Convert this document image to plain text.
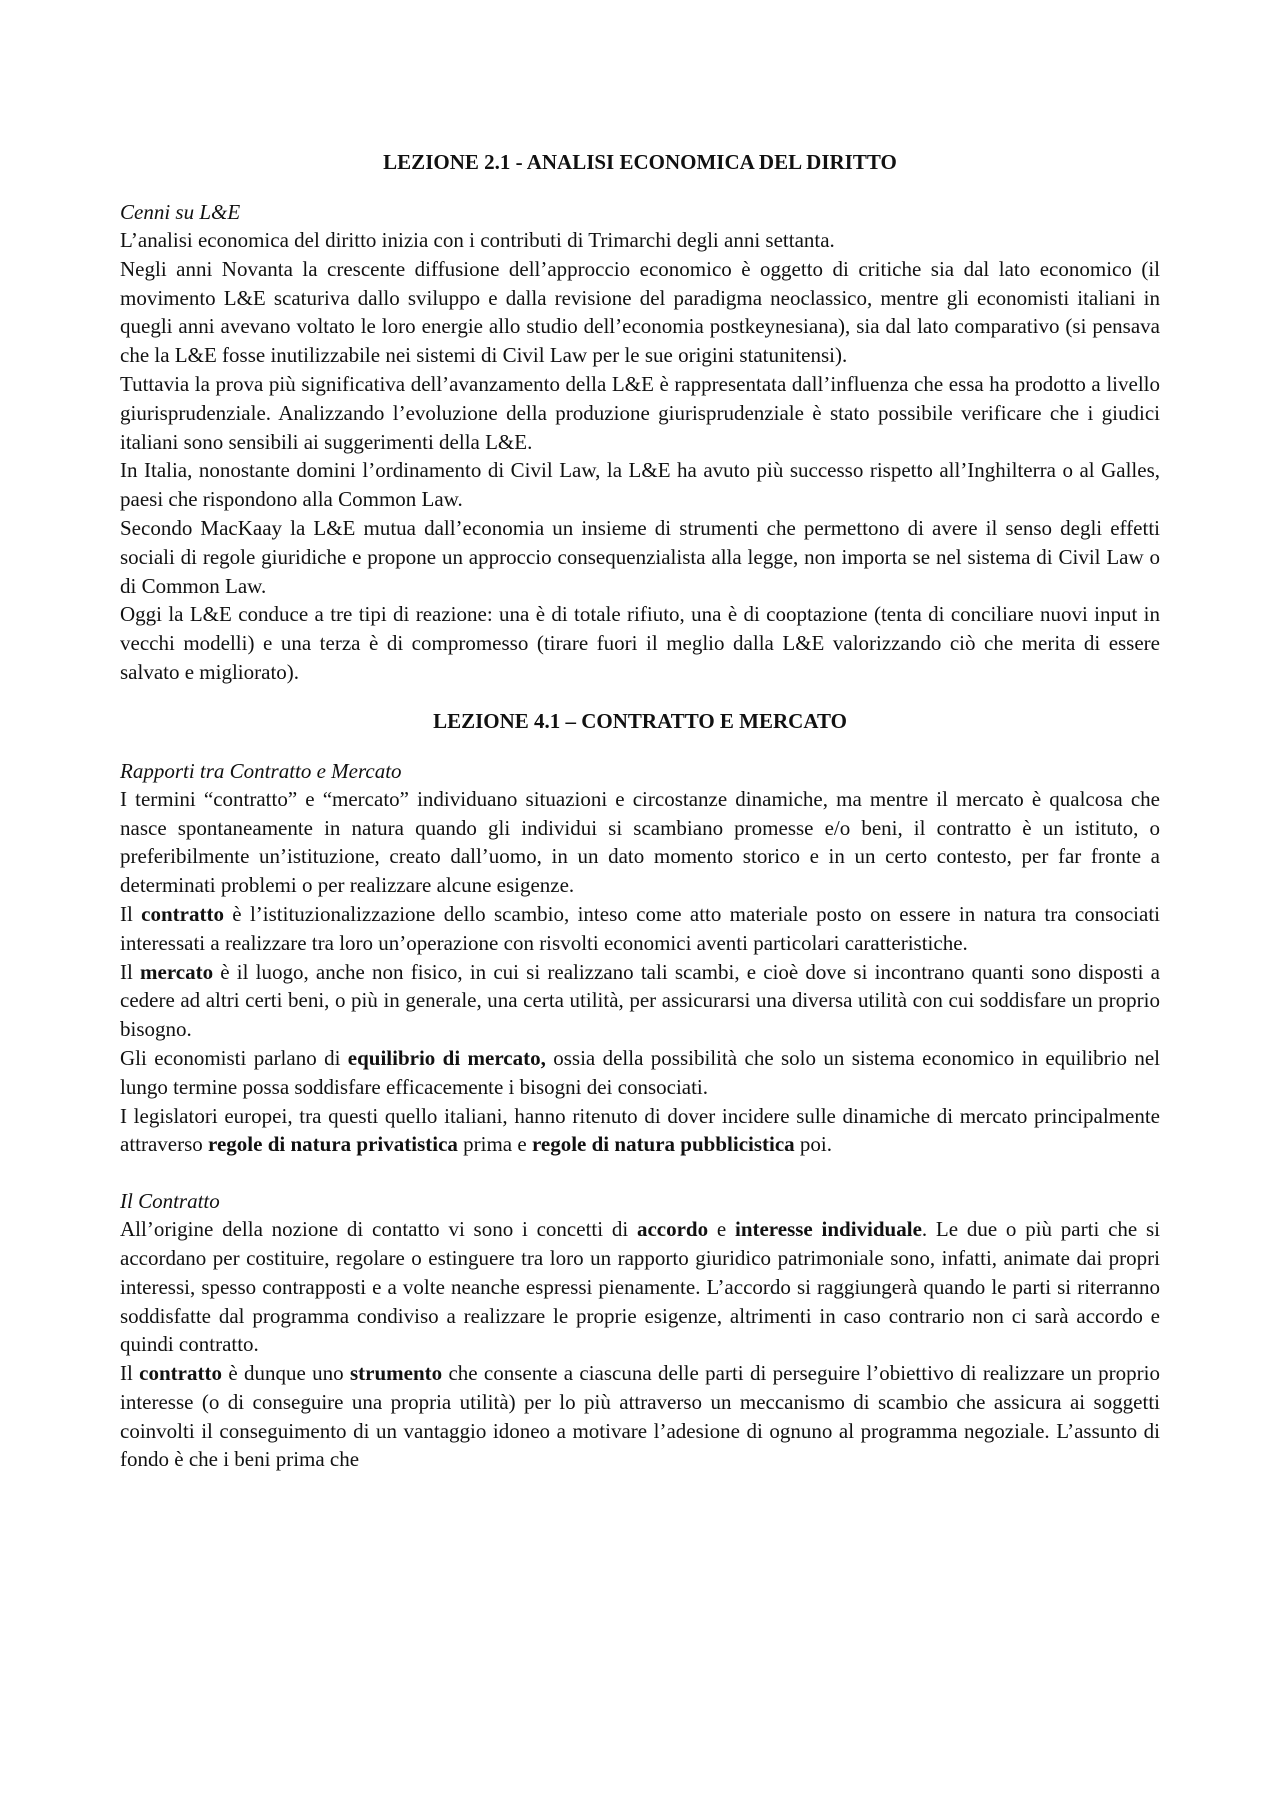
LEZIONE 2.1 - ANALISI ECONOMICA DEL DIRITTO

Cenni su L&E

L’analisi economica del diritto inizia con i contributi di Trimarchi degli anni settanta.

Negli anni Novanta la crescente diffusione dell’approccio economico è oggetto di critiche sia dal lato economico (il movimento L&E scaturiva dallo sviluppo e dalla revisione del paradigma neoclassico, mentre gli economisti italiani in quegli anni avevano voltato le loro energie allo studio dell’economia postkeynesiana), sia dal lato comparativo (si pensava che la L&E fosse inutilizzabile nei sistemi di Civil Law per le sue origini statunitensi).

Tuttavia la prova più significativa dell’avanzamento della L&E è rappresentata dall’influenza che essa ha prodotto a livello giurisprudenziale. Analizzando l’evoluzione della produzione giurisprudenziale è stato possibile verificare che i giudici italiani sono sensibili ai suggerimenti della L&E.

In Italia, nonostante domini l’ordinamento di Civil Law, la L&E ha avuto più successo rispetto all’Inghilterra o al Galles, paesi che rispondono alla Common Law.

Secondo MacKaay la L&E mutua dall’economia un insieme di strumenti che permettono di avere il senso degli effetti sociali di regole giuridiche e propone un approccio consequenzialista alla legge, non importa se nel sistema di Civil Law o di Common Law.

Oggi la L&E conduce a tre tipi di reazione: una è di totale rifiuto, una è di cooptazione (tenta di conciliare nuovi input in vecchi modelli) e una terza è di compromesso (tirare fuori il meglio dalla L&E valorizzando ciò che merita di essere salvato e migliorato).

LEZIONE 4.1 – CONTRATTO E MERCATO

Rapporti tra Contratto e Mercato

I termini “contratto” e “mercato” individuano situazioni e circostanze dinamiche, ma mentre il mercato è qualcosa che nasce spontaneamente in natura quando gli individui si scambiano promesse e/o beni, il contratto è un istituto, o preferibilmente un’istituzione, creato dall’uomo, in un dato momento storico e in un certo contesto, per far fronte a determinati problemi o per realizzare alcune esigenze.

Il contratto è l’istituzionalizzazione dello scambio, inteso come atto materiale posto on essere in natura tra consociati interessati a realizzare tra loro un’operazione con risvolti economici aventi particolari caratteristiche.

Il mercato è il luogo, anche non fisico, in cui si realizzano tali scambi, e cioè dove si incontrano quanti sono disposti a cedere ad altri certi beni, o più in generale, una certa utilità, per assicurarsi una diversa utilità con cui soddisfare un proprio bisogno.

Gli economisti parlano di equilibrio di mercato, ossia della possibilità che solo un sistema economico in equilibrio nel lungo termine possa soddisfare efficacemente i bisogni dei consociati.

I legislatori europei, tra questi quello italiani, hanno ritenuto di dover incidere sulle dinamiche di mercato principalmente attraverso regole di natura privatistica prima e regole di natura pubblicistica poi.

Il Contratto

All’origine della nozione di contatto vi sono i concetti di accordo e interesse individuale. Le due o più parti che si accordano per costituire, regolare o estinguere tra loro un rapporto giuridico patrimoniale sono, infatti, animate dai propri interessi, spesso contrapposti e a volte neanche espressi pienamente. L’accordo si raggiungerà quando le parti si riterranno soddisfatte dal programma condiviso a realizzare le proprie esigenze, altrimenti in caso contrario non ci sarà accordo e quindi contratto.

Il contratto è dunque uno strumento che consente a ciascuna delle parti di perseguire l’obiettivo di realizzare un proprio interesse (o di conseguire una propria utilità) per lo più attraverso un meccanismo di scambio che assicura ai soggetti coinvolti il conseguimento di un vantaggio idoneo a motivare l’adesione di ognuno al programma negoziale. L’assunto di fondo è che i beni prima che
